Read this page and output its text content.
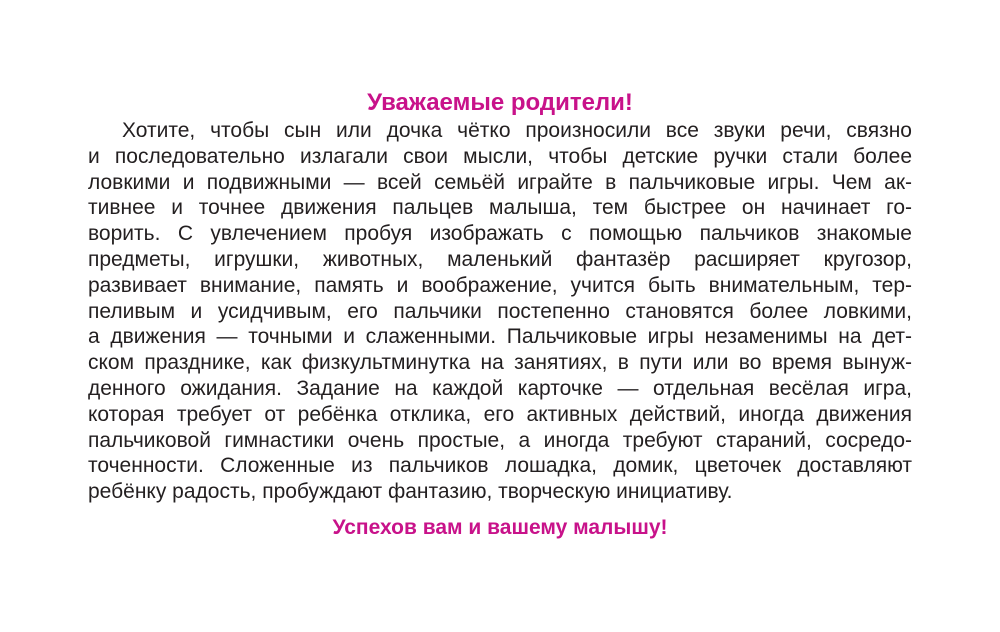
Уважаемые родители!
Хотите, чтобы сын или дочка чётко произносили все звуки речи, связно
и последовательно излагали свои мысли, чтобы детские ручки стали более
ловкими и подвижными — всей семьёй играйте в пальчиковые игры. Чем ак-
тивнее и точнее движения пальцев малыша, тем быстрее он начинает го-
ворить. С увлечением пробуя изображать с помощью пальчиков знакомые
предметы, игрушки, животных, маленький фантазёр расширяет кругозор,
развивает внимание, память и воображение, учится быть внимательным, тер-
пеливым и усидчивым, его пальчики постепенно становятся более ловкими,
а движения — точными и слаженными. Пальчиковые игры незаменимы на дет-
ском празднике, как физкультминутка на занятиях, в пути или во время вынуж-
денного ожидания. Задание на каждой карточке — отдельная весёлая игра,
которая требует от ребёнка отклика, его активных действий, иногда движения
пальчиковой гимнастики очень простые, а иногда требуют стараний, сосредо-
точенности. Сложенные из пальчиков лошадка, домик, цветочек доставляют
ребёнку радость, пробуждают фантазию, творческую инициативу.

Успехов вам и вашему малышу!
